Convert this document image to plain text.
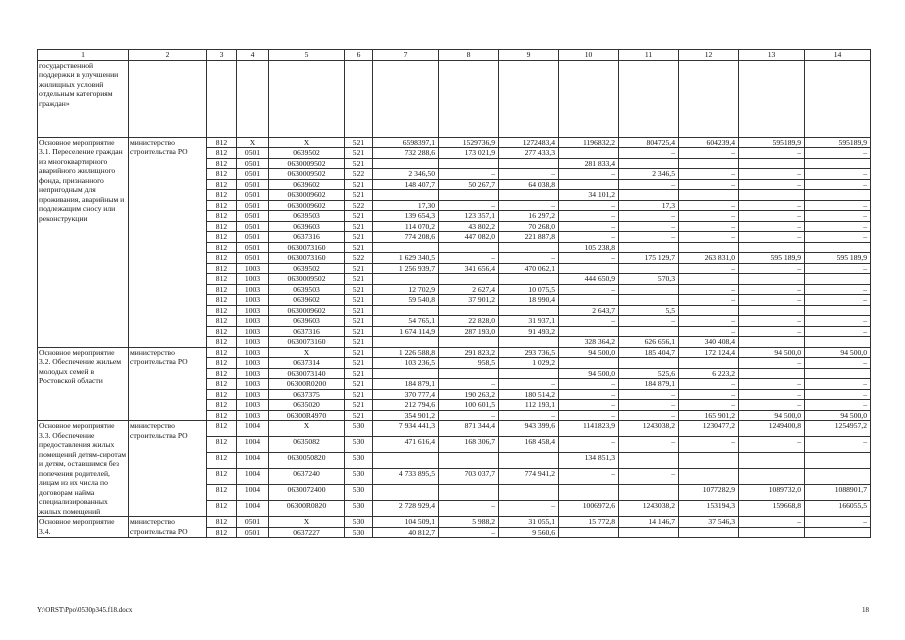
1	2	3	4	5	6	7	8	9	10	11	12	13	14
государственной поддержки в улучшении жилищных условий отдельным категориям граждан»													
Основное мероприятие 3.1. Переселение граждан из многоквартирного аварийного жилищного фонда, признанного непригодным для проживания, аварийным и подлежащим сносу или реконструкции	министерство строительства РО	812	X	X	521	6598397,1	1529736,9	1272483,4	1196832,2	804725,4	604239,4	595189,9	595189,9
		812	0501	0639502	521	732 288,6	173 021,9	277 433,3		–	–	–	–
		812	0501	0630009502	521				281 833,4				
		812	0501	0630009502	522	2 346,50	–	–	–	2 346,5	–	–	–
		812	0501	0639602	521	148 407,7	50 267,7	64 038,8		–	–	–	–
		812	0501	0630009602	521				34 101,2				
		812	0501	0630009602	522	17,30	–	–	–	17,3	–	–	–
		812	0501	0639503	521	139 654,3	123 357,1	16 297,2	–	–	–	–	–
		812	0501	0639603	521	114 070,2	43 802,2	70 268,0	–	–	–	–	–
		812	0501	0637316	521	774 208,6	447 082,0	221 887,8	–	–	–	–	–
		812	0501	0630073160	521				105 238,8				
		812	0501	0630073160	522	1 629 340,5	–	–	–	175 129,7	263 831,0	595 189,9	595 189,9
		812	1003	0639502	521	1 256 939,7	341 656,4	470 062,1			–	–	–
		812	1003	0630009502	521				444 650,9	570,3			
		812	1003	0639503	521	12 702,9	2 627,4	10 075,5	–		–	–	–
		812	1003	0639602	521	59 540,8	37 901,2	18 990,4			–	–	–
		812	1003	0630009602	521				2 643,7	5,5			
		812	1003	0639603	521	54 765,1	22 828,0	31 937,1	–	–	–	–	–
		812	1003	0637316	521	1 674 114,9	287 193,0	91 493,2			–	–	–
		812	1003	0630073160	521				328 364,2	626 656,1	340 408,4		
Основное мероприятие 3.2. Обеспечение жильем молодых семей в Ростовской области	министерство строительства РО	812	1003	X	521	1 226 588,8	291 823,2	293 736,5	94 500,0	185 404,7	172 124,4	94 500,0	94 500,0
		812	1003	0637314	521	103 236,5	958,5	1 029,2				–	–
		812	1003	0630073140	521				94 500,0	525,6	6 223,2		
		812	1003	06300R0200	521	184 879,1	–	–	–	184 879,1	–	–	–
		812	1003	0637375	521	370 777,4	190 263,2	180 514,2	–	–	–	–	–
		812	1003	0635020	521	212 794,6	100 601,5	112 193,1	–	–	–	–	–
		812	1003	06300R4970	521	354 901,2	–	–	–	–	165 901,2	94 500,0	94 500,0
Основное мероприятие 3.3. Обеспечение предоставления жилых помещений детям-сиротам и детям, оставшимся без попечения родителей, лицам из их числа по договорам найма специализированных жилых помещений	министерство строительства РО	812	1004	X	530	7 934 441,3	871 344,4	943 399,6	1141823,9	1243038,2	1230477,2	1249400,8	1254957,2
		812	1004	0635082	530	471 616,4	168 306,7	168 458,4	–	–	–	–	–
		812	1004	0630050820	530				134 851,3				
		812	1004	0637240	530	4 733 895,5	703 037,7	774 941,2	–	–			
		812	1004	0630072400	530						1077282,9	1089732,0	1088901,7
		812	1004	06300R0820	530	2 728 929,4	–	–	1006972,6	1243038,2	153194,3	159668,8	166055,5
Основное мероприятие 3.4.	министерство строительства РО	812	0501	X	530	104 509,1	5 988,2	31 055,1	15 772,8	14 146,7	37 546,3	–	–
		812	0501	0637227	530	40 812,7	–	9 560,6					
Y:\ORST\Ppo\0530p345.f18.docx	18
